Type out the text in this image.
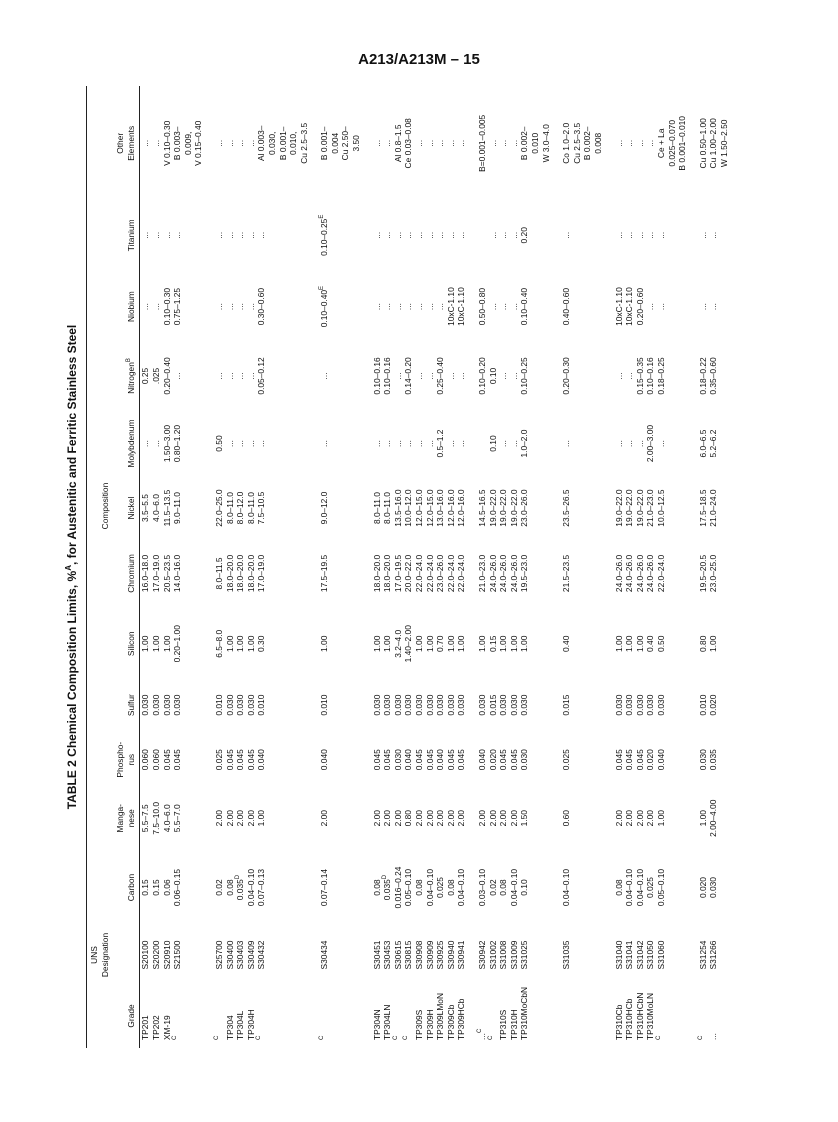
A213/A213M – 15
TABLE 2 Chemical Composition Limits, %$^A$, for Austenitic and Ferritic Stainless Steel
	UNS
Designation	Composition											
Grade		Carbon	Manga-
nese	Phospho-
rus	Sulfur	Silicon	Chromium	Nickel	Molybdenum	Nitrogen$^B$	Niobium	Titanium	Other
Elements
TP201	S20100	0.15	5.5–7.5	0.060	0.030	1.00	16.0–18.0	3.5–5.5	...	0.25	...	...	...
TP202	S20200	0.15	7.5–10.0	0.060	0.030	1.00	17.0–19.0	4.0–6.0	...	.025	...	...	...
XM-19	S20910	0.06	4.0–6.0	0.045	0.030	1.00	20.5–23.5	11.5–13.5	1.50–3.00	0.20–0.40	0.10–0.30	...	V 0.10–0.30
$^C$	S21500	0.06–0.15	5.5–7.0	0.045	0.030	0.20–1.00	14.0–16.0	9.0–11.0	0.80–1.20	...	0.75–1.25	...	B 0.003–
0.009,
V 0.15–0.40

$^C$	S25700	0.02	2.00	0.025	0.010	6.5–8.0	8.0–11.5	22.0–25.0	0.50	...	...	...	...
TP304	S30400	0.08	2.00	0.045	0.030	1.00	18.0–20.0	8.0–11.0	...	...	...	...	...
TP304L	S30403	$0.035^D$	2.00	0.045	0.030	1.00	18.0–20.0	8.0–12.0	...	...	...	...	...
TP304H	S30409	0.04–0.10	2.00	0.045	0.030	1.00	18.0–20.0	8.0–11.0	...	...	...	...	...
$^C$	S30432	0.07–0.13	1.00	0.040	0.010	0.30	17.0–19.0	7.5–10.5	...	0.05–0.12	0.30–0.60	...	Al 0.003–
0.030,
B 0.001–
0.010,
Cu 2.5–3.5

$^C$	S30434	0.07–0.14	2.00	0.040	0.010	1.00	17.5–19.5	9.0–12.0	...	...	$0.10-0.40^E$	$0.10-0.25^E$	B 0.001–
0.004
Cu 2.50–
3.50

TP304N	S30451	0.08	2.00	0.045	0.030	1.00	18.0–20.0	8.0–11.0	...	0.10–0.16	...	...	...
TP304LN	S30453	$0.035^D$	2.00	0.045	0.030	1.00	18.0–20.0	8.0–11.0	...	0.10–0.16	...	...	...
$^C$	S30615	0.016–0.24	2.00	0.030	0.030	3.2–4.0	17.0–19.5	13.5–16.0	...	...	...	...	Al 0.8–1.5
$^C$	S30815	0.05–0.10	0.80	0.040	0.030	1.40–2.00	20.0–22.0	10.0–12.0	...	0.14–0.20	...	...	Ce 0.03–0.08
TP309S	S30908	0.08	2.00	0.045	0.030	1.00	22.0–24.0	12.0–15.0	...	...	...	...	...
TP309H	S30909	0.04–0.10	2.00	0.045	0.030	1.00	22.0–24.0	12.0–15.0	...	...	...	...	...
TP309LMoN	S30925	0.025	2.00	0.040	0.030	0.70	23.0–26.0	13.0–16.0	0.5–1.2	0.25–0.40	...	...	...
TP309Cb	S30940	0.08	2.00	0.045	0.030	1.00	22.0–24.0	12.0–16.0	...	...	10xC-1.10	...	...
TP309HCb	S30941	0.04–0.10	2.00	0.045	0.030	1.00	22.0–24.0	12.0–16.0	...	...	10xC-1.10	...	...

...$^C$	S30942	0.03–0.10	2.00	0.040	0.030	1.00	21.0–23.0	14.5–16.5		0.10–0.20	0.50–0.80		B=0.001–0.005
$^C$	S31002	0.02	2.00	0.020	0.015	0.15	24.0–26.0	19.0–22.0	0.10	0.10	...	...	...
TP310S	S31008	0.08	2.00	0.045	0.030	1.00	24.0–26.0	19.0–22.0	...	...	...	...	...
TP310H	S31009	0.04–0.10	2.00	0.045	0.030	1.00	24.0–26.0	19.0–22.0	...	...	...	...	...
TP310MoCbN	S31025	0.10	1.50	0.030	0.030	1.00	19.5–23.0	23.0–26.0	1.0–2.0	0.10–0.25	0.10–0.40	0.20	B 0.002–
0.010
W 3.0–4.0

	S31035	0.04–0.10	0.60	0.025	0.015	0.40	21.5–23.5	23.5–26.5	...	0.20–0.30	0.40–0.60	...	Co 1.0–2.0
Cu 2.5–3.5
B 0.002–
0.008

TP310Cb	S31040	0.08	2.00	0.045	0.030	1.00	24.0–26.0	19.0–22.0	...	...	10xC-1.10	...	...
TP310HCb	S31041	0.04–0.10	2.00	0.045	0.030	1.00	24.0–26.0	19.0–22.0	...	...	10xC-1.10	...	...
TP310HCbN	S31042	0.04–0.10	2.00	0.045	0.030	1.00	24.0–26.0	19.0–22.0	...	0.15–0.35	0.20–0.60	...	...
TP310MoLN	S31050	0.025	2.00	0.020	0.030	0.40	24.0–26.0	21.0–23.0	2.00–3.00	0.10–0.16	...	...	...
$^C$	S31060	0.05–0.10	1.00	0.040	0.030	0.50	22.0–24.0	10.0–12.5	...	0.18–0.25	...	...	Ce + La
0.025–0.070
B 0.001–0.010

$^C$	S31254	0.020	1.00	0.030	0.010	0.80	19.5–20.5	17.5–18.5	6.0–6.5	0.18–0.22	...	...	Cu 0.50–1.00
...	S31266	0.030	2.00–4.00	0.035	0.020	1.00	23.0–25.0	21.0–24.0	5.2–6.2	0.35–0.60	...	...	Cu 1.00–2.00
W 1.50–2.50
